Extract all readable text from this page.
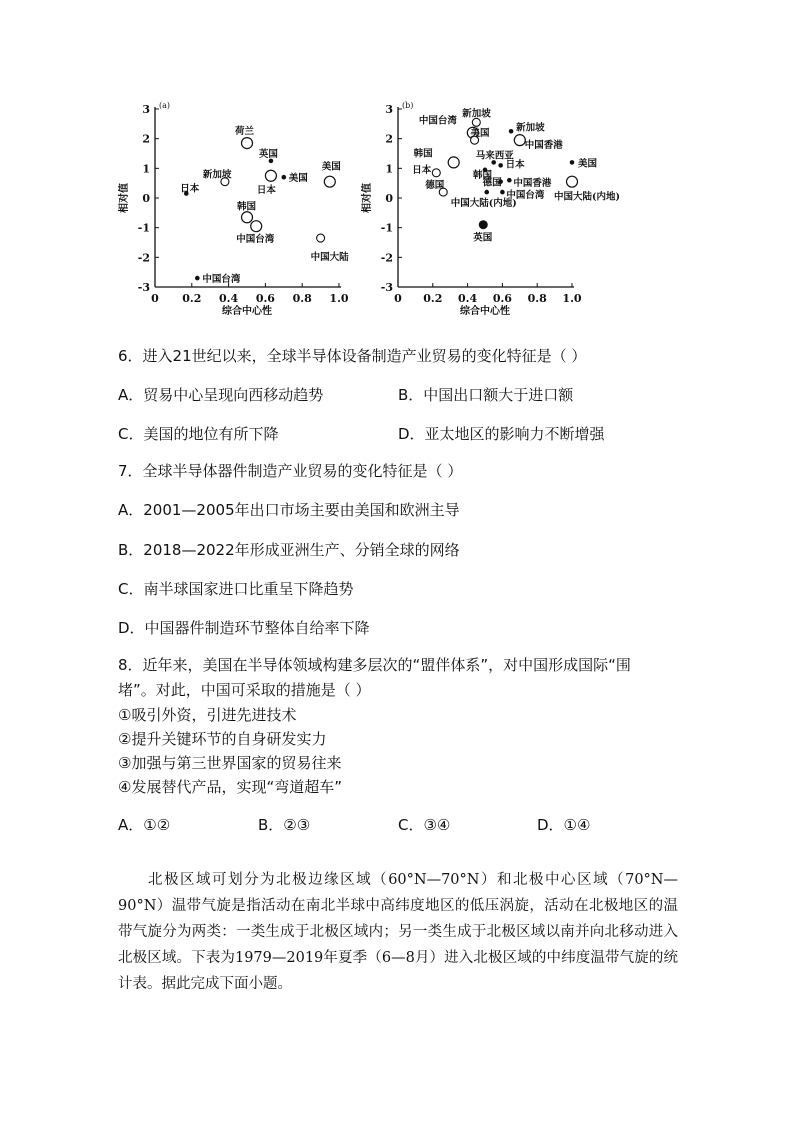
3
2
1
0
-1
-2
-3
0 0.2 0.4 0.6 0.8 1.0
综合中心性
相对值
(a)
荷兰
英国
新加坡
日本
美国
美国
日本
韩国
中国台湾
中国大陆
中国台湾
3
2
1
0
-1
-2
-3
0 0.2 0.4 0.6 0.8 1.0
综合中心性
相对值
(b)
新加坡
中国台湾
新加坡
美国
中国香港
韩国	马来西亚
美国
日本
日本	韩国
德国 中国香港
中国大陆(内地)
德国
中国大陆(内地)
中国台湾
英国
6．进入21世纪以来，全球半导体设备制造产业贸易的变化特征是（ ）
A．贸易中心呈现向西移动趋势	B．中国出口额大于进口额
C．美国的地位有所下降	D．亚太地区的影响力不断增强
7．全球半导体器件制造产业贸易的变化特征是（ ）
A．2001—2005年出口市场主要由美国和欧洲主导
B．2018—2022年形成亚洲生产、分销全球的网络
C．南半球国家进口比重呈下降趋势
D．中国器件制造环节整体自给率下降
8．近年来，美国在半导体领域构建多层次的“盟伴体系”，对中国形成国际“围
堵”。对此，中国可采取的措施是（ ）
①吸引外资，引进先进技术
②提升关键环节的自身研发实力
③加强与第三世界国家的贸易往来
④发展替代产品，实现“弯道超车”
A．①②	B．②③	C．③④	D．①④
北极区域可划分为北极边缘区域（60°N—70°N）和北极中心区域（70°N—90°N）温带气旋是指活动在南北半球中高纬度地区的低压涡旋，活动在北极地区的温带气旋分为两类：一类生成于北极区域内；另一类生成于北极区域以南并向北移动进入北极区域。下表为1979—2019年夏季（6—8月）进入北极区域的中纬度温带气旋的统计表。据此完成下面小题。
